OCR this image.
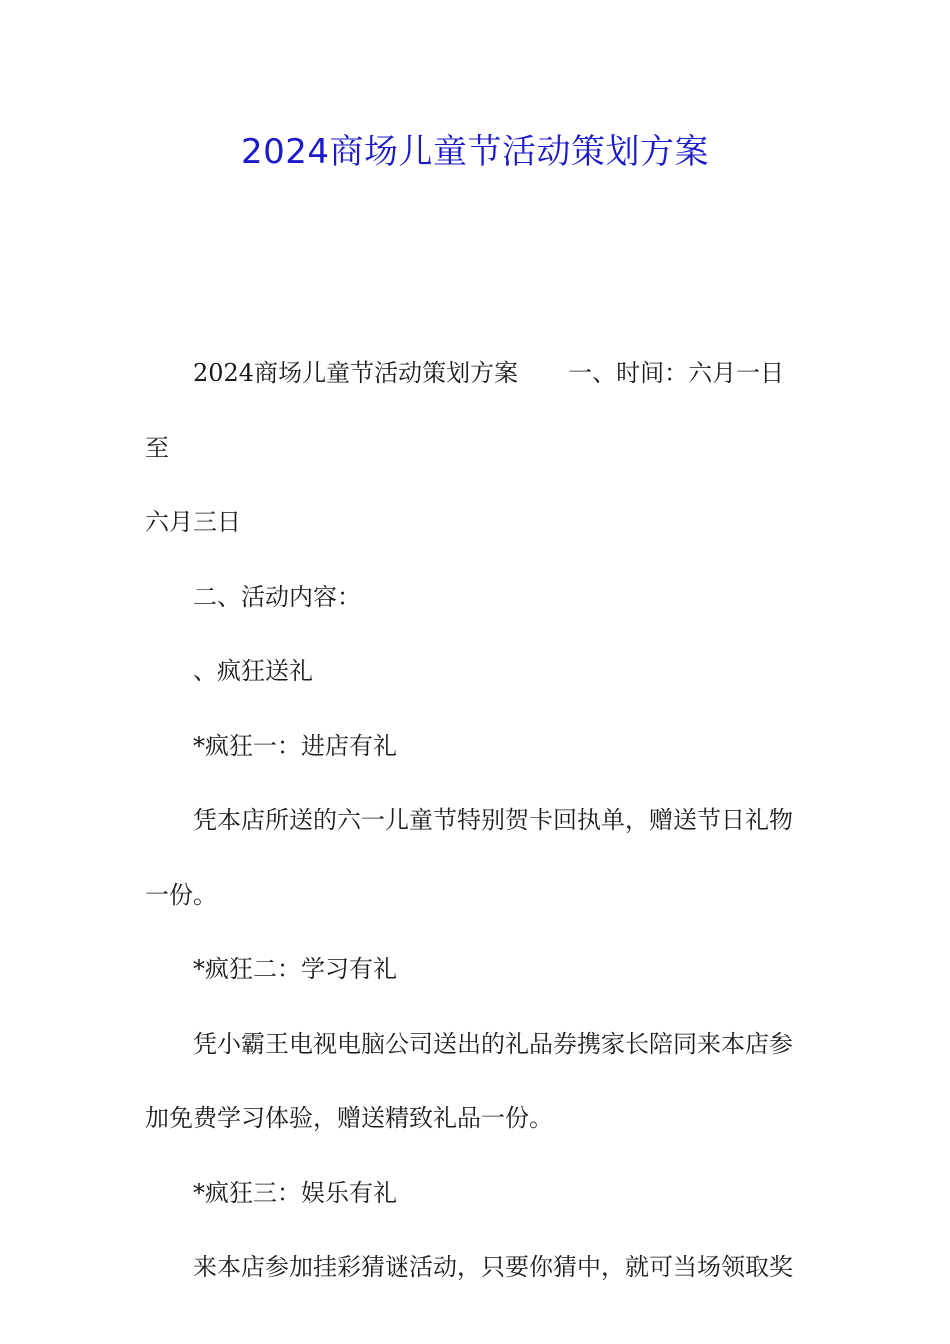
2024商场儿童节活动策划方案

2024商场儿童节活动策划方案 一、时间：六月一日至

六月三日

二、活动内容：

、疯狂送礼

*疯狂一：进店有礼

凭本店所送的六一儿童节特别贺卡回执单，赠送节日礼物一份。

*疯狂二：学习有礼

凭小霸王电视电脑公司送出的礼品券携家长陪同来本店参加免费学习体验，赠送精致礼品一份。

*疯狂三：娱乐有礼

来本店参加挂彩猜谜活动，只要你猜中，就可当场领取奖
